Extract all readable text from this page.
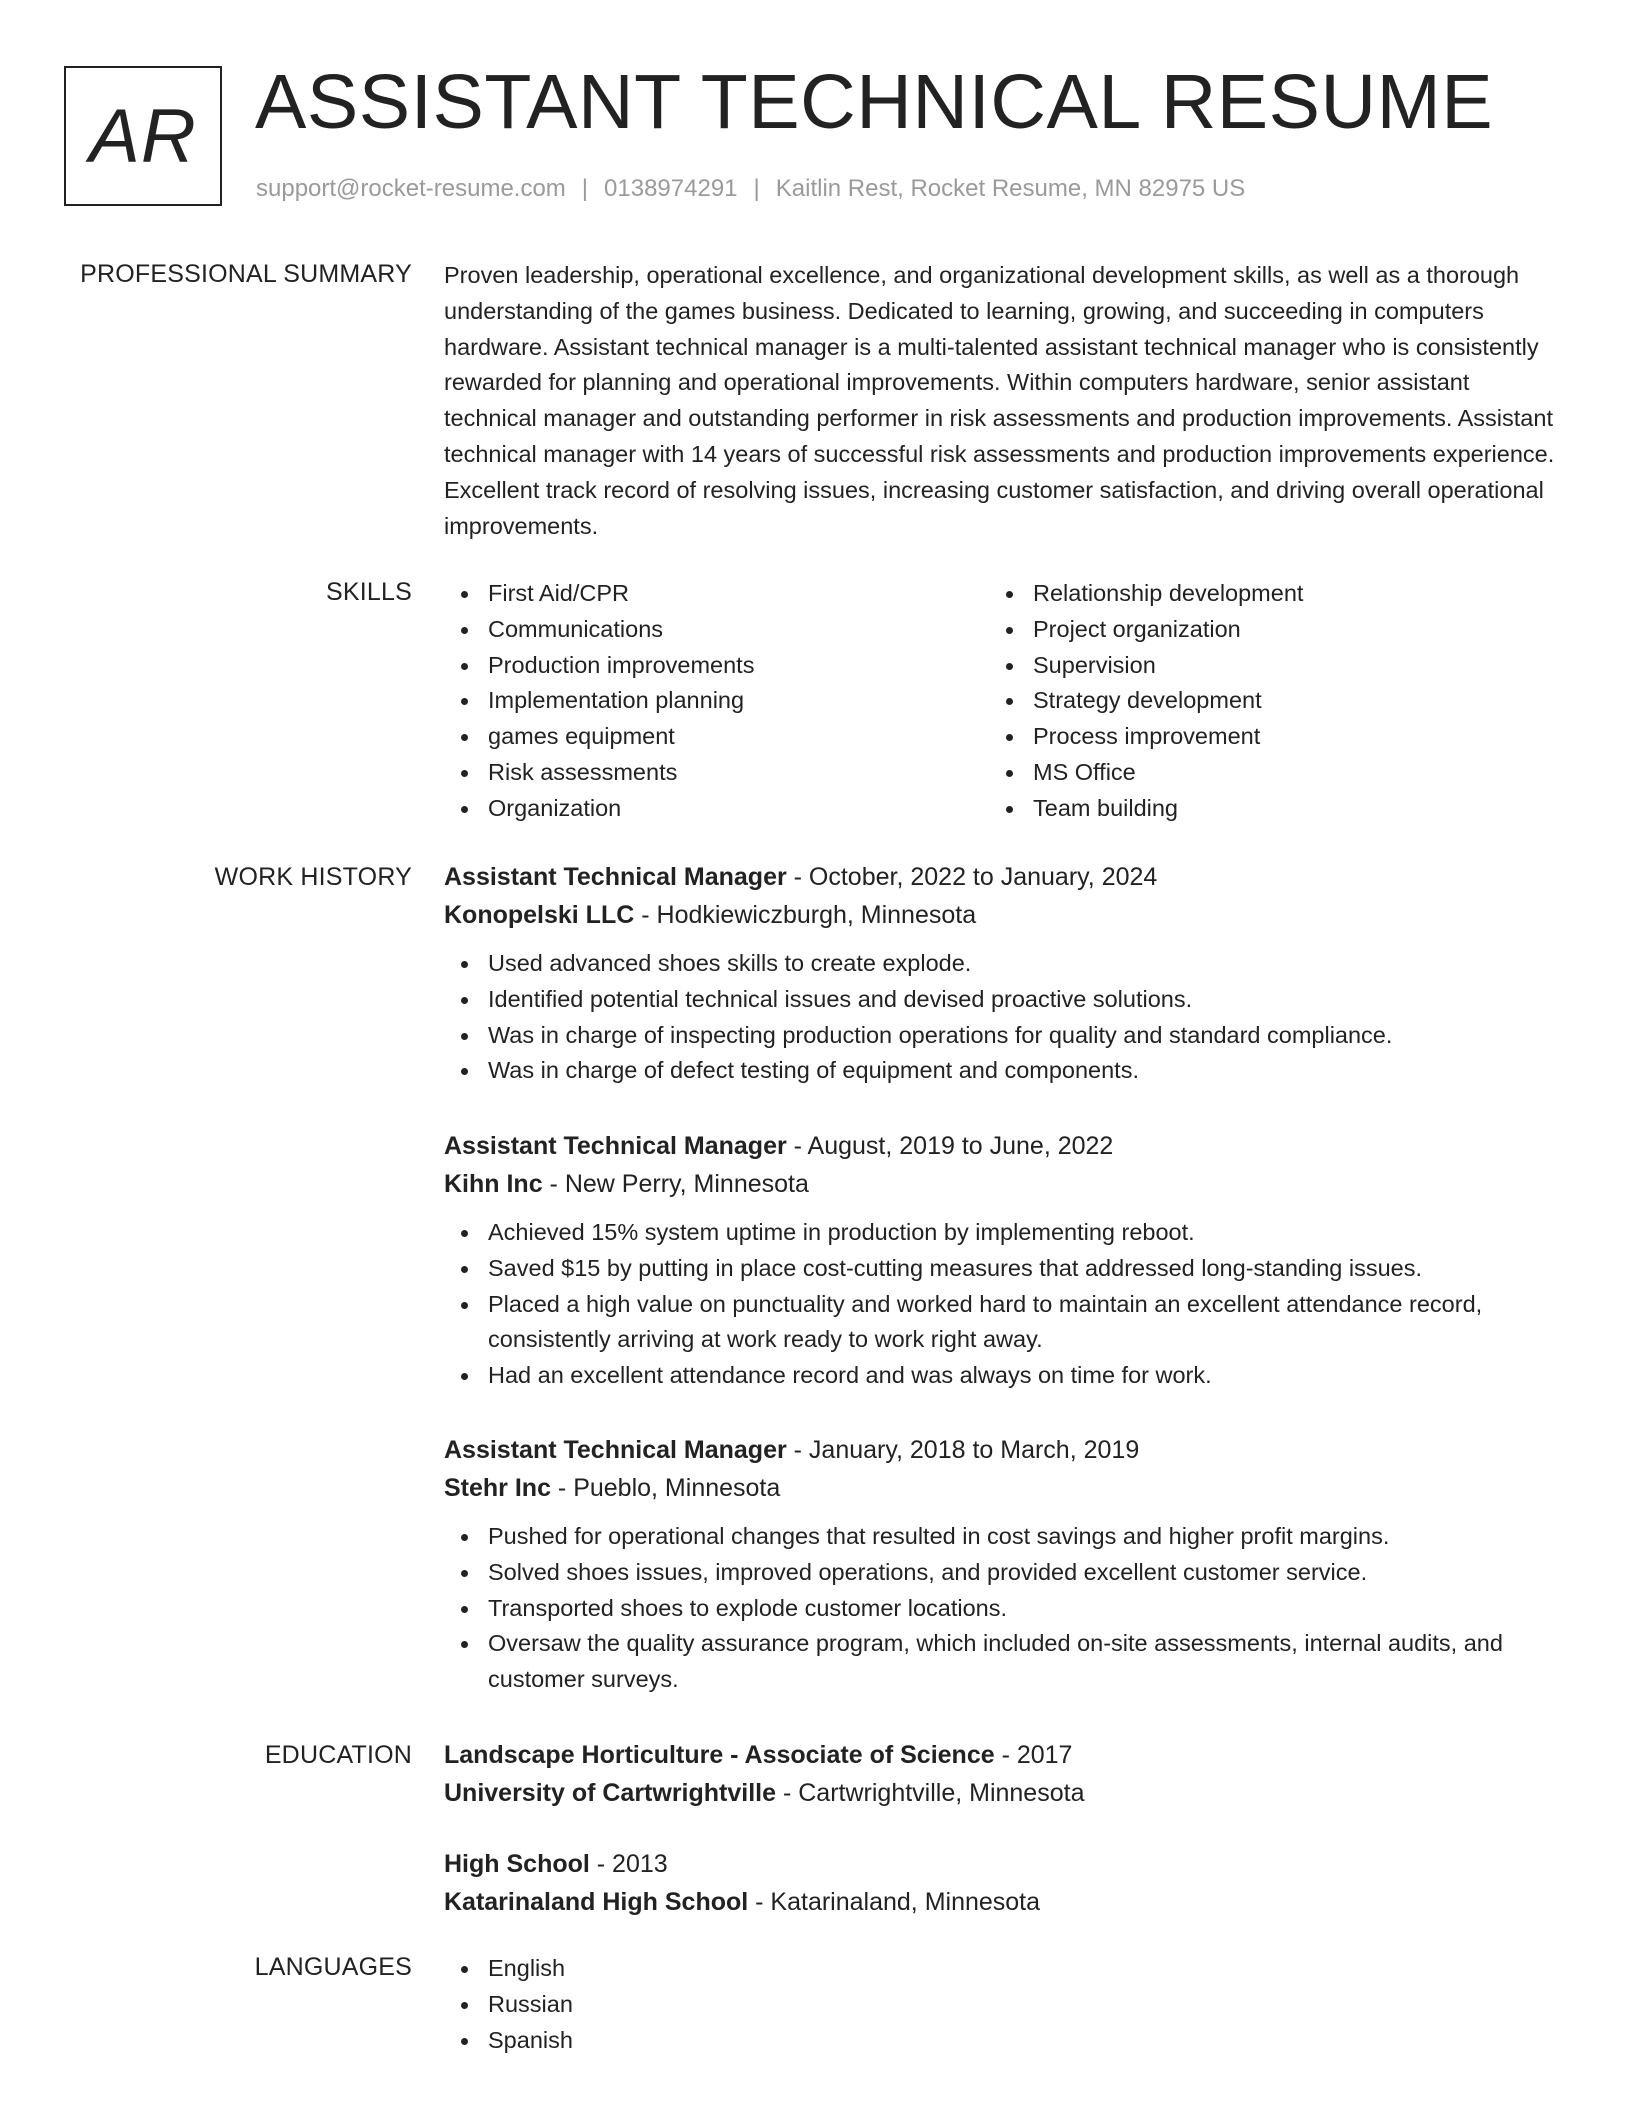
AR ASSISTANT TECHNICAL RESUME
support@rocket-resume.com | 0138974291 | Kaitlin Rest, Rocket Resume, MN 82975 US
PROFESSIONAL SUMMARY Proven leadership, operational excellence, and organizational development skills, as well as a thorough understanding of the games business. Dedicated to learning, growing, and succeeding in computers hardware. Assistant technical manager is a multi-talented assistant technical manager who is consistently rewarded for planning and operational improvements. Within computers hardware, senior assistant technical manager and outstanding performer in risk assessments and production improvements. Assistant technical manager with 14 years of successful risk assessments and production improvements experience. Excellent track record of resolving issues, increasing customer satisfaction, and driving overall operational improvements.

SKILLS	First Aid/CPR
Communications
Production improvements
Implementation planning
games equipment
Risk assessments
Organization
Relationship development
Project organization
Supervision
Strategy development
Process improvement
MS Office
Team building
WORK HISTORY Assistant Technical Manager - October, 2022 to January, 2024
Konopelski LLC - Hodkiewiczburgh, Minnesota
Used advanced shoes skills to create explode.
Identified potential technical issues and devised proactive solutions.
Was in charge of inspecting production operations for quality and standard compliance.
Was in charge of defect testing of equipment and components.
Assistant Technical Manager - August, 2019 to June, 2022
Kihn Inc - New Perry, Minnesota
Achieved 15% system uptime in production by implementing reboot.
Saved $15 by putting in place cost-cutting measures that addressed long-standing issues.
Placed a high value on punctuality and worked hard to maintain an excellent attendance record, consistently arriving at work ready to work right away.
Had an excellent attendance record and was always on time for work.
Assistant Technical Manager - January, 2018 to March, 2019
Stehr Inc - Pueblo, Minnesota
Pushed for operational changes that resulted in cost savings and higher profit margins.
Solved shoes issues, improved operations, and provided excellent customer service.
Transported shoes to explode customer locations.
Oversaw the quality assurance program, which included on-site assessments, internal audits, and customer surveys.
EDUCATION Landscape Horticulture - Associate of Science - 2017
University of Cartwrightville - Cartwrightville, Minnesota
High School - 2013
Katarinaland High School - Katarinaland, Minnesota
LANGUAGES	English
Russian
Spanish
